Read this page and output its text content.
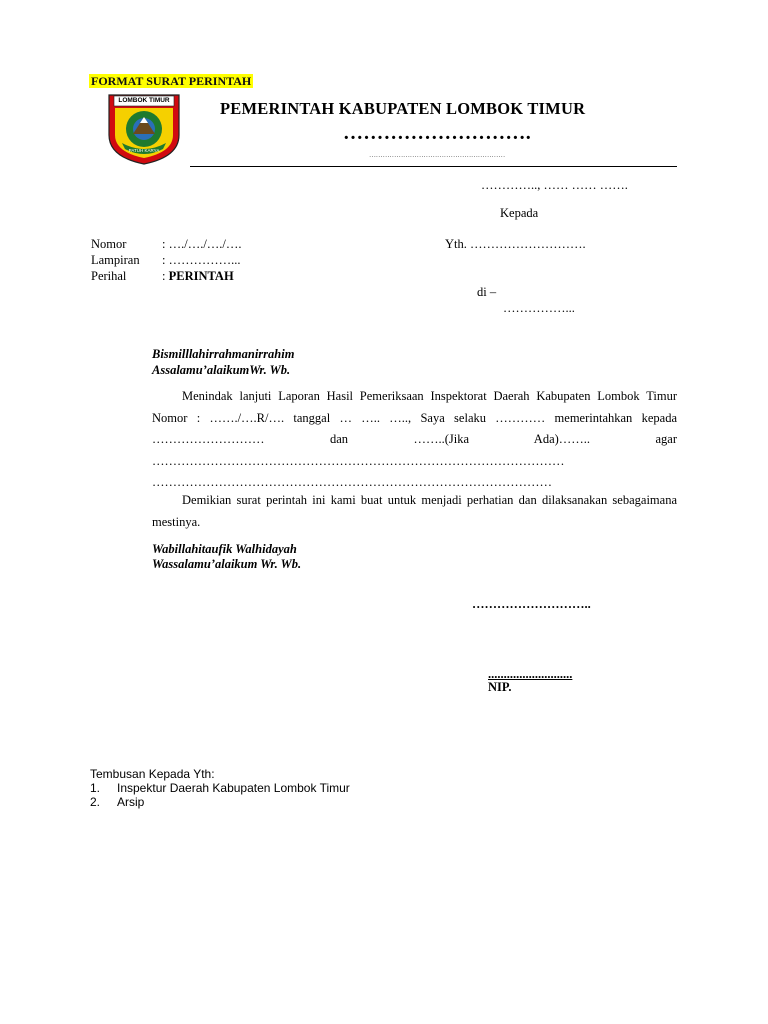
FORMAT SURAT PERINTAH
LOMBOK TIMUR
PATUH KARYA
PEMERINTAH KABUPATEN LOMBOK TIMUR
……………………….
……………………………………………………
………….., …… …… …….
Kepada
Nomor	: …./…./…./….
Lampiran : ……………...
Perihal	: PERINTAH
Yth. ……………………….
di –
……………...
Bismilllahirrahmanirrahim
Assalamu’alaikumWr. Wb.
Menindak lanjuti Laporan Hasil Pemeriksaan Inspektorat Daerah Kabupaten Lombok Timur Nomor : ……./….R/…. tanggal … ….. ….., Saya selaku ………… memerintahkan kepada ……………………… dan ……..(Jika Ada)…….. agar ……………………………………………………………………………………… ……………………………………………………………………………………
Demikian surat perintah ini kami buat untuk menjadi perhatian dan dilaksanakan sebagaimana mestinya.
Wabillahitaufik Walhidayah
Wassalamu’alaikum Wr. Wb.
………………………..
...........................
NIP.
Tembusan Kepada Yth:
1.	Inspektur Daerah Kabupaten Lombok Timur
2.	Arsip
